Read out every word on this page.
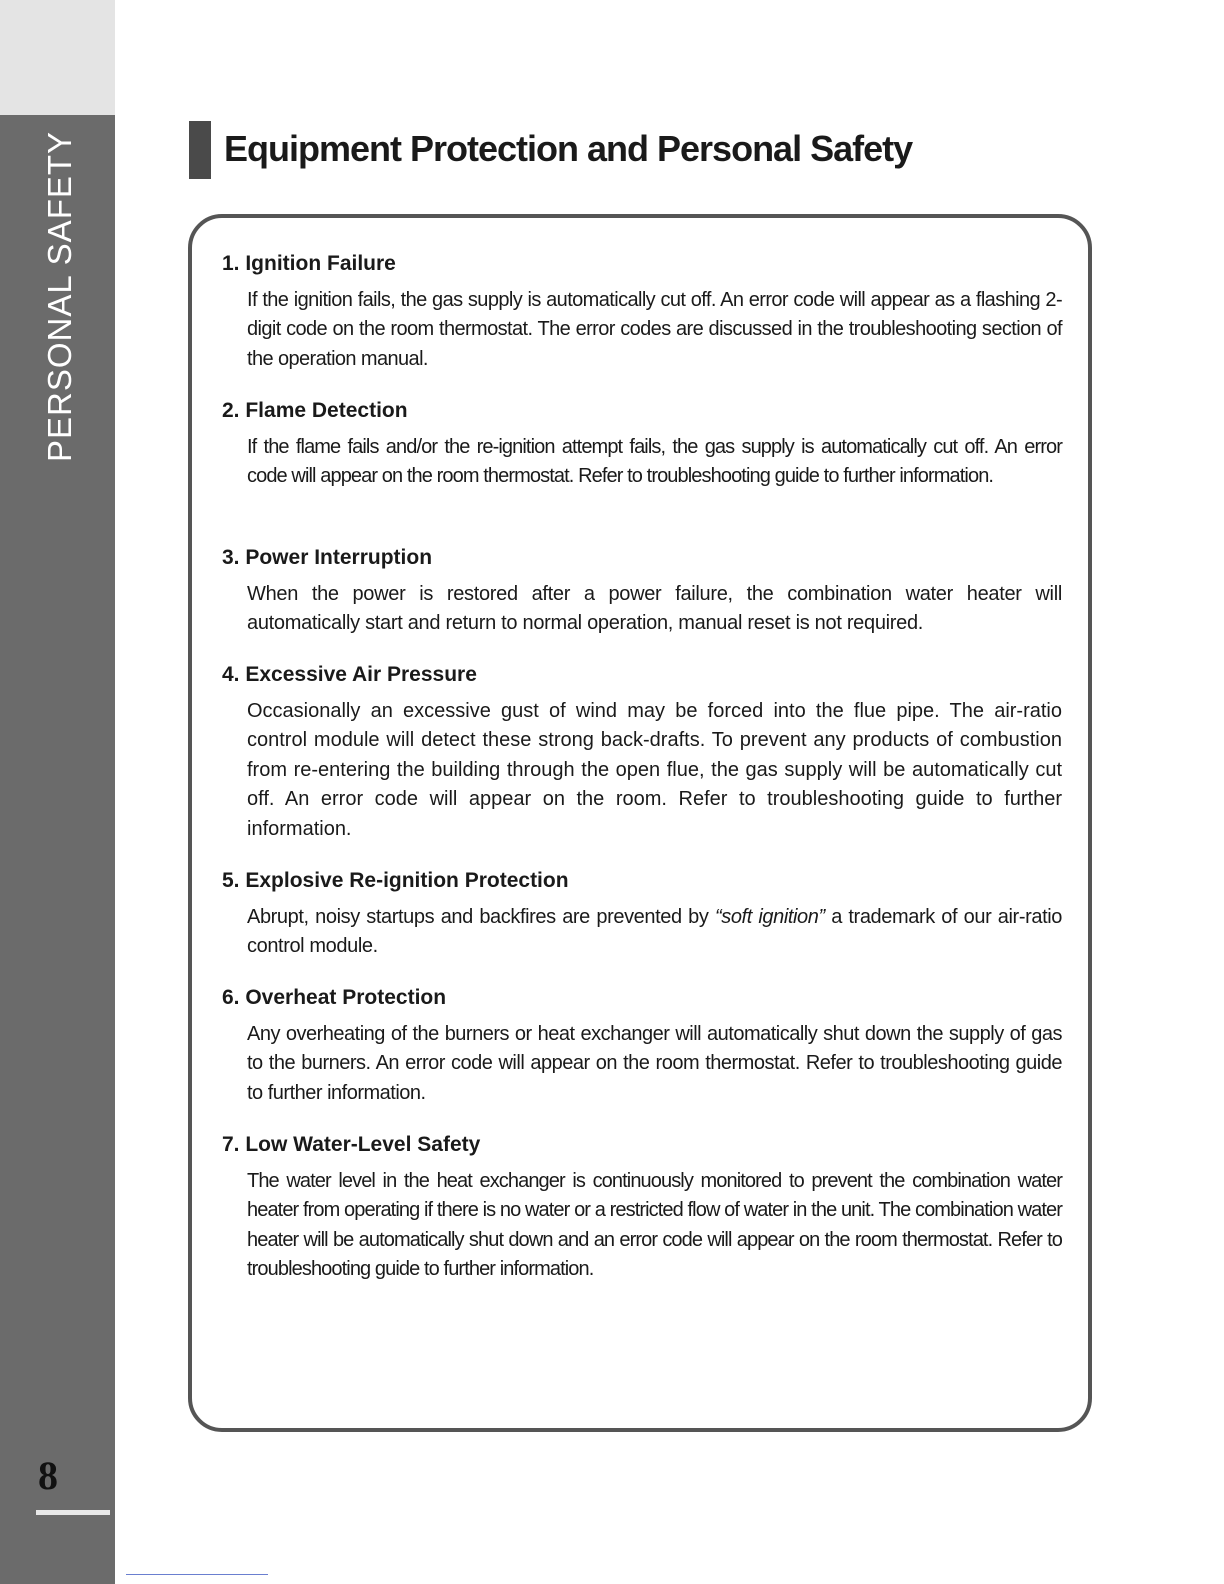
PERSONAL SAFETY
8
Equipment Protection and Personal Safety
1. Ignition Failure
If the ignition fails, the gas supply is automatically cut off. An error code will appear as a flashing 2-digit code on the room thermostat. The error codes are discussed in the troubleshooting section of the operation manual.
2. Flame Detection
If the flame fails and/or the re-ignition attempt fails, the gas supply is automatically cut off. An error code will appear on the room thermostat. Refer to troubleshooting guide to further information.
3. Power Interruption
When the power is restored after a power failure, the combination water heater will automatically start and return to normal operation, manual reset is not required.
4. Excessive Air Pressure
Occasionally an excessive gust of wind may be forced into the flue pipe. The air-ratio control module will detect these strong back-drafts. To prevent any products of combustion from re-entering the building through the open flue, the gas supply will be automatically cut off. An error code will appear on the room. Refer to troubleshooting guide to further information.
5. Explosive Re-ignition Protection
Abrupt, noisy startups and backfires are prevented by “soft ignition” a trademark of our air-ratio control module.
6. Overheat Protection
Any overheating of the burners or heat exchanger will automatically shut down the supply of gas to the burners. An error code will appear on the room thermostat. Refer to troubleshooting guide to further information.
7. Low Water-Level Safety
The water level in the heat exchanger is continuously monitored to prevent the combination water heater from operating if there is no water or a restricted flow of water in the unit. The combination water heater will be automatically shut down and an error code will appear on the room thermostat. Refer to troubleshooting guide to further information.
